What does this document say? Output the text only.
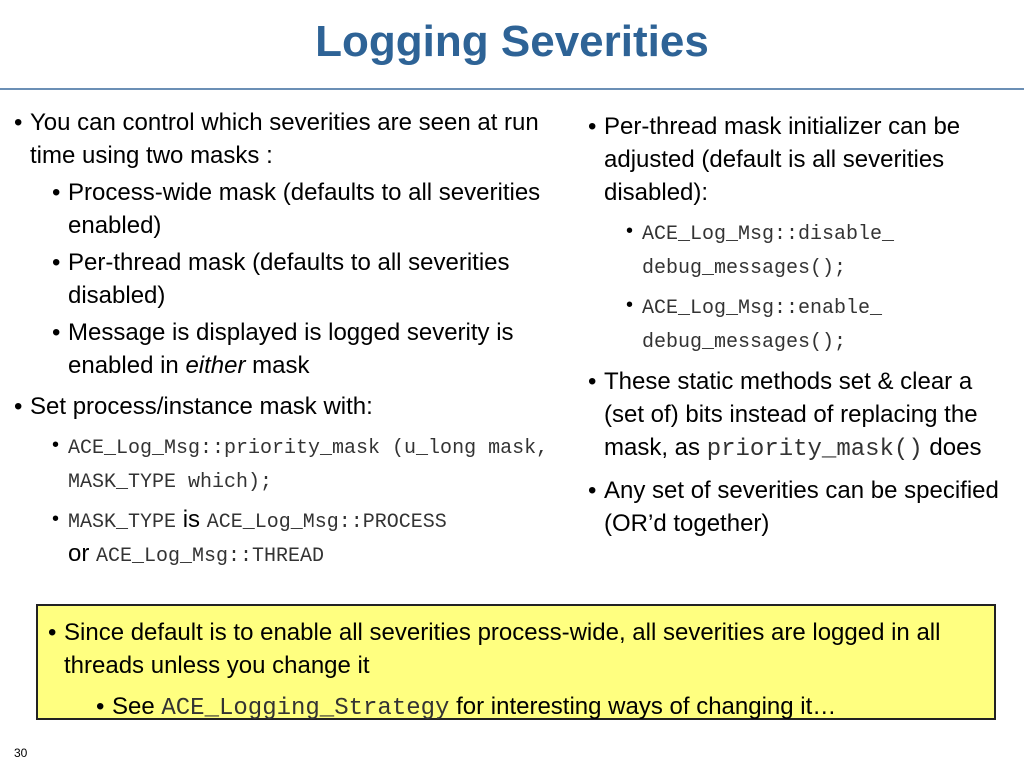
Logging Severities
• You can control which severities are seen at run time using two masks :
• Process-wide mask (defaults to all severities enabled)
• Per-thread mask (defaults to all severities disabled)
• Message is displayed is logged severity is enabled in either mask
• Set process/instance mask with:
• ACE_Log_Msg::priority_mask (u_long mask, MASK_TYPE which);
• MASK_TYPE is ACE_Log_Msg::PROCESS
or ACE_Log_Msg::THREAD
• Per-thread mask initializer can be adjusted (default is all severities disabled):
• ACE_Log_Msg::disable_
debug_messages();
• ACE_Log_Msg::enable_
debug_messages();
• These static methods set & clear a (set of) bits instead of replacing the mask, as priority_mask() does
• Any set of severities can be specified (OR’d together)
• Since default is to enable all severities process-wide, all severities are logged in all threads unless you change it
• See ACE_Logging_Strategy for interesting ways of changing it…
30
